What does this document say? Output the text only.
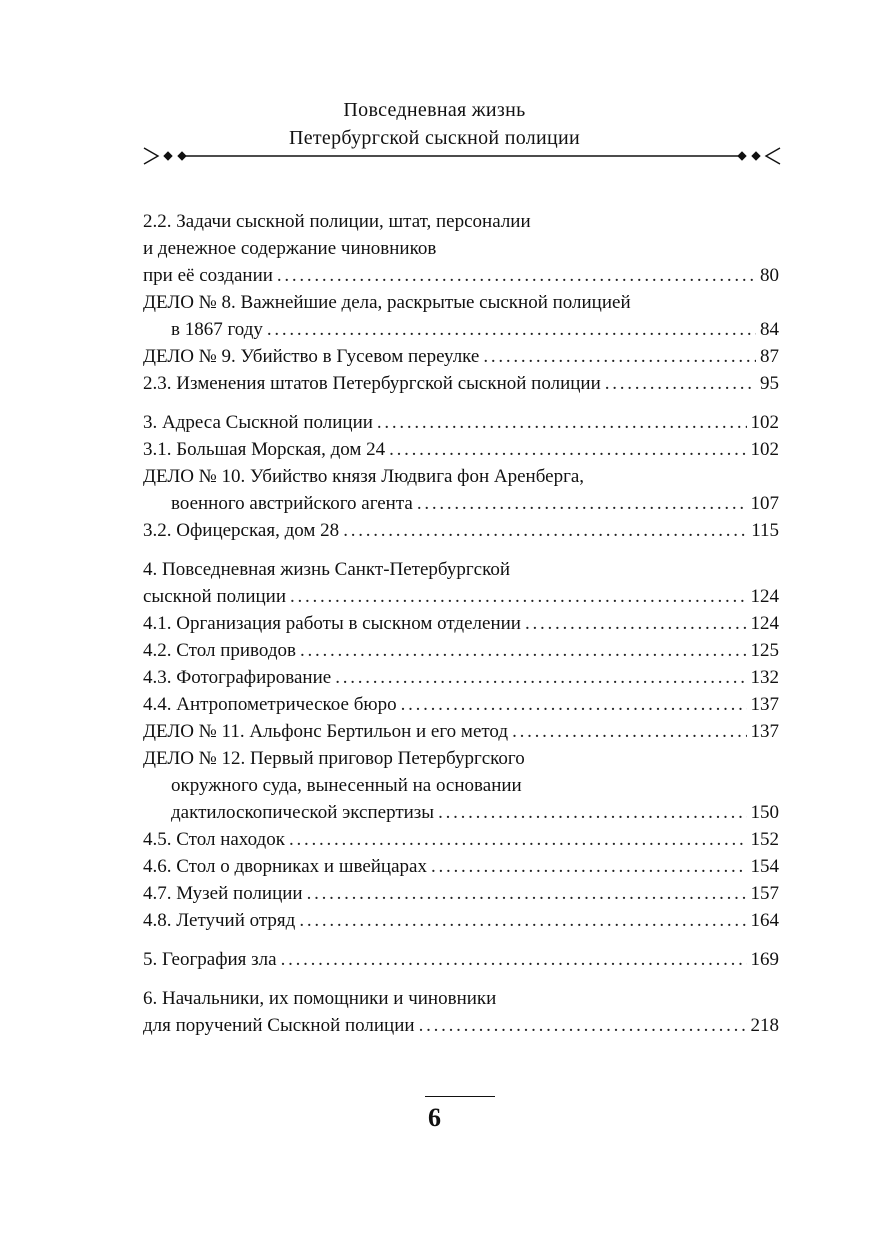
Повседневная жизнь
Петербургской сыскной полиции
2.2. Задачи сыскной полиции, штат, персоналии
и денежное содержание чиновников
при её создании . . .	80
ДЕЛО № 8. Важнейшие дела, раскрытые сыскной полицией
в 1867 году . . .	84
ДЕЛО № 9. Убийство в Гусевом переулке . . .	87
2.3. Изменения штатов Петербургской сыскной полиции . . .	95
3. Адреса Сыскной полиции . . .	102
3.1. Большая Морская, дом 24 . . .	102
ДЕЛО № 10. Убийство князя Людвига фон Аренберга,
военного австрийского агента . . .	107
3.2. Офицерская, дом 28 . . .	115
4. Повседневная жизнь Санкт-Петербургской
сыскной полиции . . .	124
4.1. Организация работы в сыскном отделении . . .	124
4.2. Стол приводов . . .	125
4.3. Фотографирование . . .	132
4.4. Антропометрическое бюро . . .	137
ДЕЛО № 11. Альфонс Бертильон и его метод . . .	137
ДЕЛО № 12. Первый приговор Петербургского
окружного суда, вынесенный на основании
дактилоскопической экспертизы . . .	150
4.5. Стол находок . . .	152
4.6. Стол о дворниках и швейцарах . . .	154
4.7. Музей полиции . . .	157
4.8. Летучий отряд . . .	164
5. География зла . . .	169
6. Начальники, их помощники и чиновники
для поручений Сыскной полиции . . .	218
6
